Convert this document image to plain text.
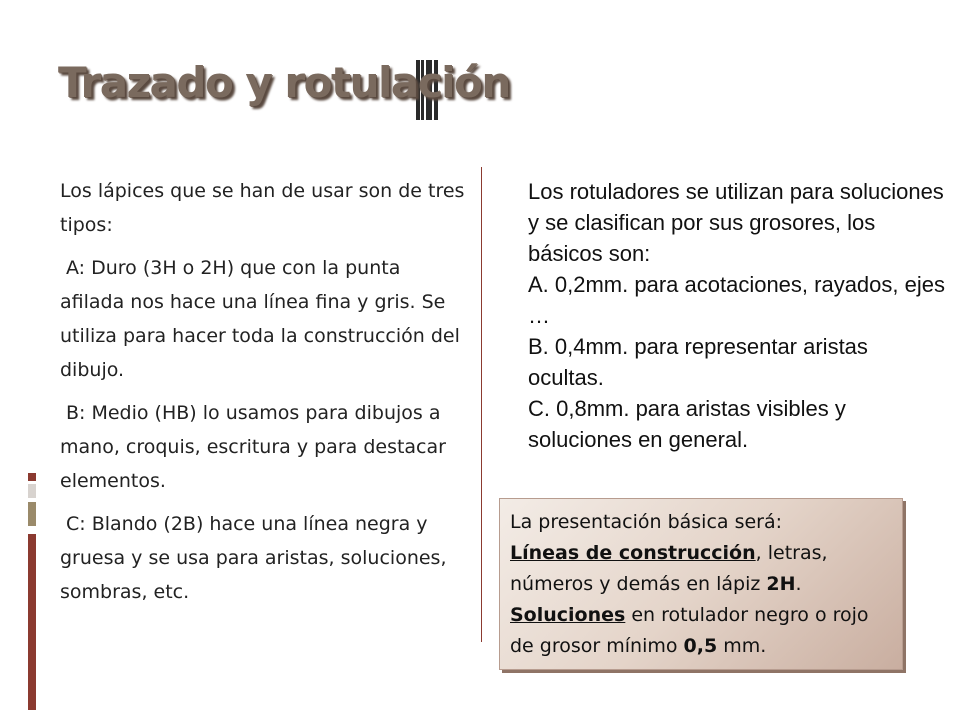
Trazado y rotulación

Los lápices que se han de usar son de tres tipos:

A: Duro (3H o 2H) que con la punta afilada nos hace una línea fina y gris. Se utiliza para hacer toda la construcción del dibujo.

B: Medio (HB) lo usamos para dibujos a mano, croquis, escritura y para destacar elementos.

C: Blando (2B) hace una línea negra y gruesa y se usa para aristas, soluciones, sombras, etc.

Los rotuladores se utilizan para soluciones y se clasifican por sus grosores, los básicos son:
A. 0,2mm. para acotaciones, rayados, ejes …
B. 0,4mm. para representar aristas ocultas.
C. 0,8mm. para aristas visibles y soluciones en general.
La presentación básica será:
Líneas de construcción, letras, números y demás en lápiz 2H.
Soluciones en rotulador negro o rojo de grosor mínimo 0,5 mm.
